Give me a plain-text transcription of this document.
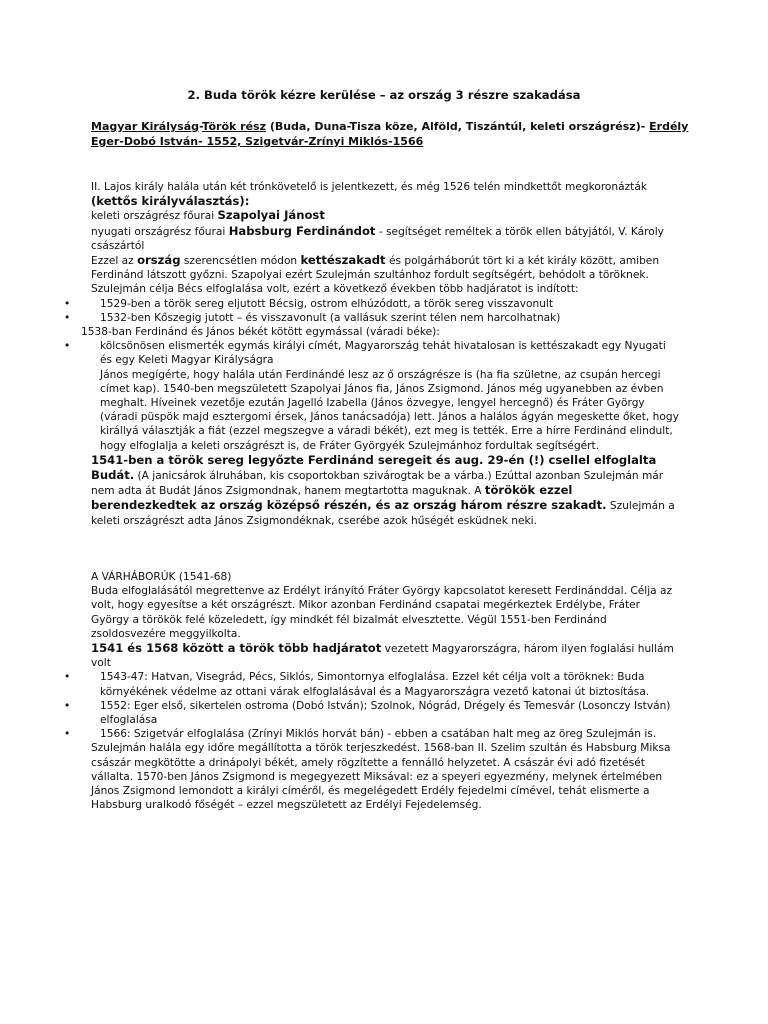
2. Buda török kézre kerülése – az ország 3 részre szakadása
Magyar Királyság-Török rész (Buda, Duna-Tisza köze, Alföld, Tiszántúl, keleti országrész)- Erdély
Eger-Dobó István- 1552, Szigetvár-Zrínyi Miklós-1566

II. Lajos király halála után két trónkövetelő is jelentkezett, és még 1526 telén mindkettőt megkoronázták

(kettős királyválasztás):

keleti országrész főurai Szapolyai Jánost

nyugati országrész főurai Habsburg Ferdinándot - segítséget reméltek a török ellen bátyjától, V. Károly császártól

Ezzel az ország szerencsétlen módon kettészakadt és polgárháborút tört ki a két király között, amiben Ferdinánd látszott győzni. Szapolyai ezért Szulejmán szultánhoz fordult segítségért, behódolt a töröknek. Szulejmán célja Bécs elfoglalása volt, ezért a következő években több hadjáratot is indított:

•	1529-ben a török sereg eljutott Bécsig, ostrom elhúzódott, a török sereg visszavonult

•	1532-ben Kőszegig jutott – és visszavonult (a vallásuk szerint télen nem harcolhatnak)

1538-ban Ferdinánd és János békét kötött egymással (váradi béke):

•	kölcsönösen elismerték egymás királyi címét, Magyarország tehát hivatalosan is kettészakadt egy Nyugati és egy Keleti Magyar Királyságra

János megígérte, hogy halála után Ferdinándé lesz az ő országrésze is (ha fia születne, az csupán hercegi címet kap). 1540-ben megszületett Szapolyai János fia, János Zsigmond. János még ugyanebben az évben meghalt. Híveinek vezetője ezután Jagelló Izabella (János özvegye, lengyel hercegnő) és Fráter György (váradi püspök majd esztergomi érsek, János tanácsadója) lett. János a halálos ágyán megeskette őket, hogy királlyá választják a fiát (ezzel megszegve a váradi békét), ezt meg is tették. Erre a hírre Ferdinánd elindult, hogy elfoglalja a keleti országrészt is, de Fráter Györgyék Szulejmánhoz fordultak segítségért.

1541-ben a török sereg legyőzte Ferdinánd seregeit és aug. 29-én (!) csellel elfoglalta Budát. (A janicsárok álruhában, kis csoportokban szivárogtak be a várba.) Ezúttal azonban Szulejmán már nem adta át Budát János Zsigmondnak, hanem megtartotta maguknak. A törökök ezzel berendezkedtek az ország középső részén, és az ország három részre szakadt. Szulejmán a keleti országrészt adta János Zsigmondéknak, cserébe azok hűségét esküdnek neki.

A VÁRHÁBORÚK (1541-68)

Buda elfoglalásától megrettenve az Erdélyt irányító Fráter György kapcsolatot keresett Ferdinánddal. Célja az volt, hogy egyesítse a két országrészt. Mikor azonban Ferdinánd csapatai megérkeztek Erdélybe, Fráter György a törökök felé közeledett, így mindkét fél bizalmát elvesztette. Végül 1551-ben Ferdinánd zsoldosvezére meggyilkolta.

1541 és 1568 között a török több hadjáratot vezetett Magyarországra, három ilyen foglalási hullám volt

•	1543-47: Hatvan, Visegrád, Pécs, Siklós, Simontornya elfoglalása. Ezzel két célja volt a töröknek: Buda környékének védelme az ottani várak elfoglalásával és a Magyarországra vezető katonai út biztosítása.

•	1552: Eger első, sikertelen ostroma (Dobó István); Szolnok, Nógrád, Drégely és Temesvár (Losonczy István) elfoglalása

•	1566: Szigetvár elfoglalása (Zrínyi Miklós horvát bán) - ebben a csatában halt meg az öreg Szulejmán is.

Szulejmán halála egy időre megállította a török terjeszkedést. 1568-ban II. Szelim szultán és Habsburg Miksa császár megkötötte a drinápolyi békét, amely rögzítette a fennálló helyzetet. A császár évi adó fizetését vállalta. 1570-ben János Zsigmond is megegyezett Miksával: ez a speyeri egyezmény, melynek értelmében János Zsigmond lemondott a királyi címéről, és megelégedett Erdély fejedelmi címével, tehát elismerte a Habsburg uralkodó főségét – ezzel megszületett az Erdélyi Fejedelemség.
